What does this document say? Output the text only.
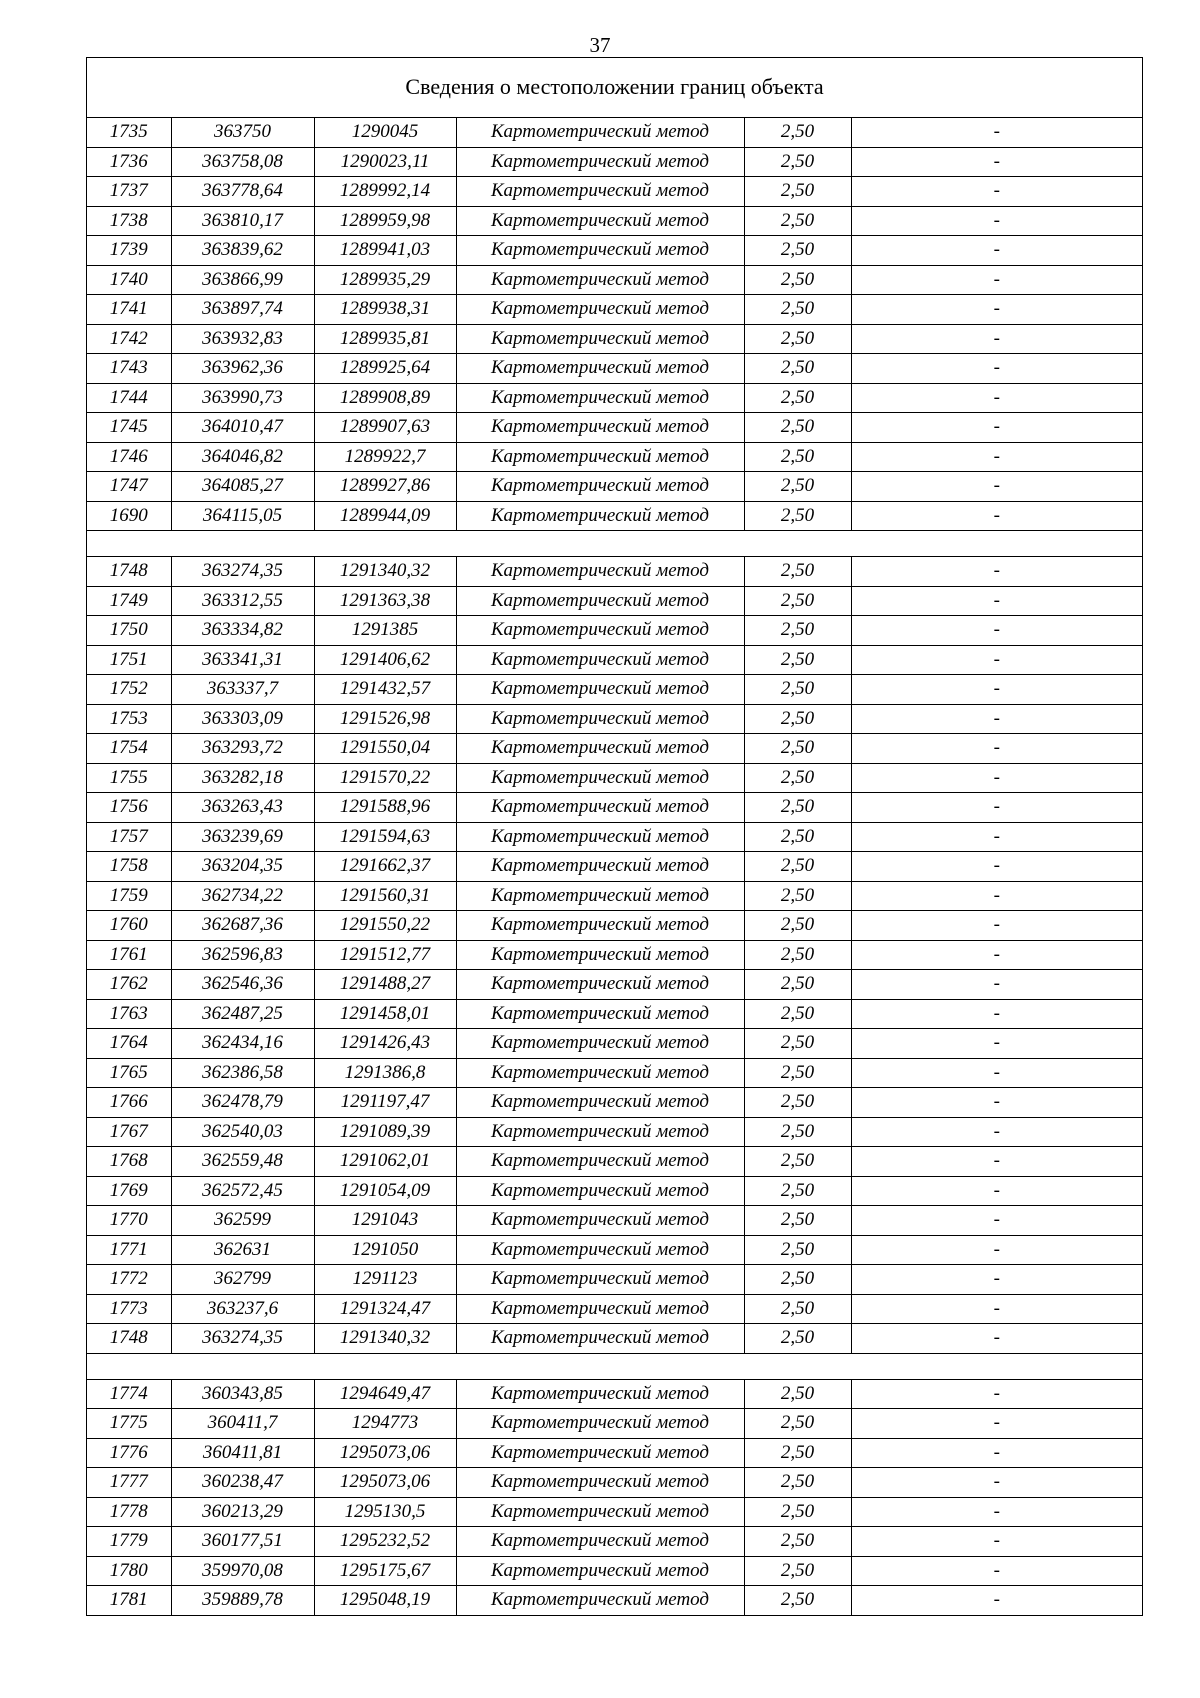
37
Сведения о местоположении границ объекта
1735	363750	1290045	Картометрический метод	2,50	-
1736	363758,08	1290023,11	Картометрический метод	2,50	-
1737	363778,64	1289992,14	Картометрический метод	2,50	-
1738	363810,17	1289959,98	Картометрический метод	2,50	-
1739	363839,62	1289941,03	Картометрический метод	2,50	-
1740	363866,99	1289935,29	Картометрический метод	2,50	-
1741	363897,74	1289938,31	Картометрический метод	2,50	-
1742	363932,83	1289935,81	Картометрический метод	2,50	-
1743	363962,36	1289925,64	Картометрический метод	2,50	-
1744	363990,73	1289908,89	Картометрический метод	2,50	-
1745	364010,47	1289907,63	Картометрический метод	2,50	-
1746	364046,82	1289922,7	Картометрический метод	2,50	-
1747	364085,27	1289927,86	Картометрический метод	2,50	-
1690	364115,05	1289944,09	Картометрический метод	2,50	-

1748	363274,35	1291340,32	Картометрический метод	2,50	-
1749	363312,55	1291363,38	Картометрический метод	2,50	-
1750	363334,82	1291385	Картометрический метод	2,50	-
1751	363341,31	1291406,62	Картометрический метод	2,50	-
1752	363337,7	1291432,57	Картометрический метод	2,50	-
1753	363303,09	1291526,98	Картометрический метод	2,50	-
1754	363293,72	1291550,04	Картометрический метод	2,50	-
1755	363282,18	1291570,22	Картометрический метод	2,50	-
1756	363263,43	1291588,96	Картометрический метод	2,50	-
1757	363239,69	1291594,63	Картометрический метод	2,50	-
1758	363204,35	1291662,37	Картометрический метод	2,50	-
1759	362734,22	1291560,31	Картометрический метод	2,50	-
1760	362687,36	1291550,22	Картометрический метод	2,50	-
1761	362596,83	1291512,77	Картометрический метод	2,50	-
1762	362546,36	1291488,27	Картометрический метод	2,50	-
1763	362487,25	1291458,01	Картометрический метод	2,50	-
1764	362434,16	1291426,43	Картометрический метод	2,50	-
1765	362386,58	1291386,8	Картометрический метод	2,50	-
1766	362478,79	1291197,47	Картометрический метод	2,50	-
1767	362540,03	1291089,39	Картометрический метод	2,50	-
1768	362559,48	1291062,01	Картометрический метод	2,50	-
1769	362572,45	1291054,09	Картометрический метод	2,50	-
1770	362599	1291043	Картометрический метод	2,50	-
1771	362631	1291050	Картометрический метод	2,50	-
1772	362799	1291123	Картометрический метод	2,50	-
1773	363237,6	1291324,47	Картометрический метод	2,50	-
1748	363274,35	1291340,32	Картометрический метод	2,50	-

1774	360343,85	1294649,47	Картометрический метод	2,50	-
1775	360411,7	1294773	Картометрический метод	2,50	-
1776	360411,81	1295073,06	Картометрический метод	2,50	-
1777	360238,47	1295073,06	Картометрический метод	2,50	-
1778	360213,29	1295130,5	Картометрический метод	2,50	-
1779	360177,51	1295232,52	Картометрический метод	2,50	-
1780	359970,08	1295175,67	Картометрический метод	2,50	-
1781	359889,78	1295048,19	Картометрический метод	2,50	-
